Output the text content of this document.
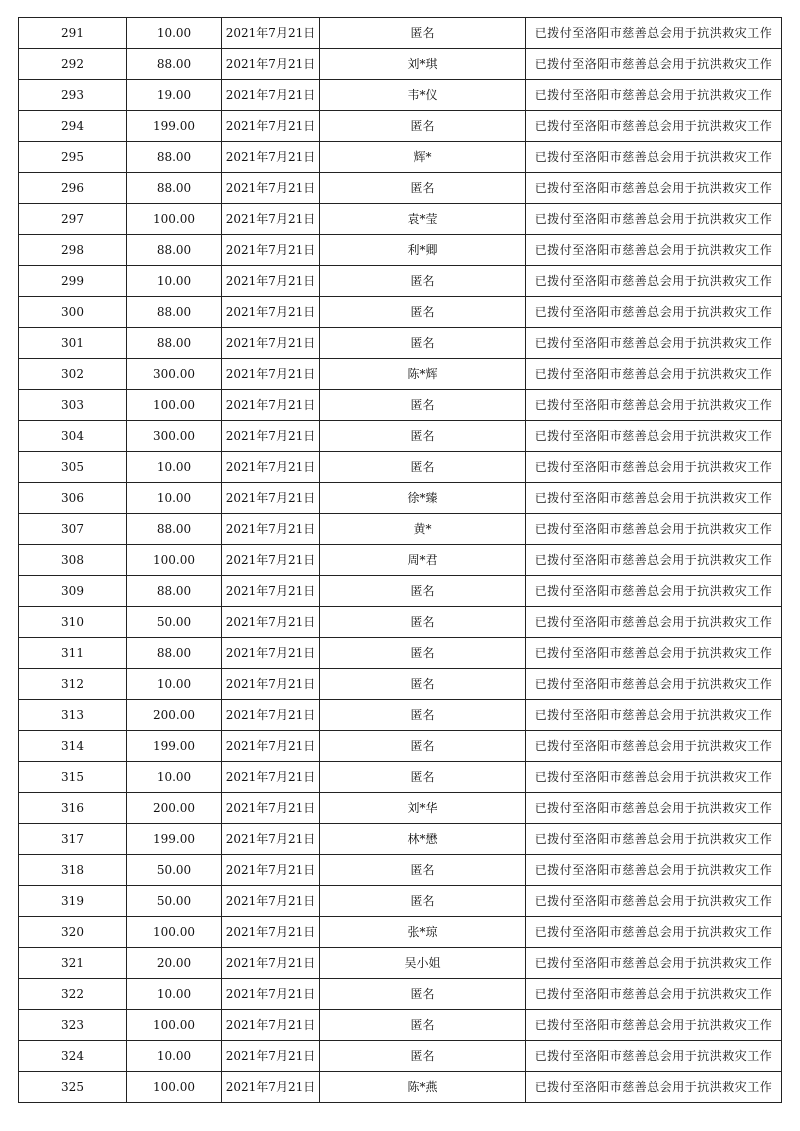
291	10.00	2021年7月21日	匿名	已拨付至洛阳市慈善总会用于抗洪救灾工作
292	88.00	2021年7月21日	刘*琪	已拨付至洛阳市慈善总会用于抗洪救灾工作
293	19.00	2021年7月21日	韦*仪	已拨付至洛阳市慈善总会用于抗洪救灾工作
294	199.00	2021年7月21日	匿名	已拨付至洛阳市慈善总会用于抗洪救灾工作
295	88.00	2021年7月21日	辉*	已拨付至洛阳市慈善总会用于抗洪救灾工作
296	88.00	2021年7月21日	匿名	已拨付至洛阳市慈善总会用于抗洪救灾工作
297	100.00	2021年7月21日	袁*莹	已拨付至洛阳市慈善总会用于抗洪救灾工作
298	88.00	2021年7月21日	利*卿	已拨付至洛阳市慈善总会用于抗洪救灾工作
299	10.00	2021年7月21日	匿名	已拨付至洛阳市慈善总会用于抗洪救灾工作
300	88.00	2021年7月21日	匿名	已拨付至洛阳市慈善总会用于抗洪救灾工作
301	88.00	2021年7月21日	匿名	已拨付至洛阳市慈善总会用于抗洪救灾工作
302	300.00	2021年7月21日	陈*辉	已拨付至洛阳市慈善总会用于抗洪救灾工作
303	100.00	2021年7月21日	匿名	已拨付至洛阳市慈善总会用于抗洪救灾工作
304	300.00	2021年7月21日	匿名	已拨付至洛阳市慈善总会用于抗洪救灾工作
305	10.00	2021年7月21日	匿名	已拨付至洛阳市慈善总会用于抗洪救灾工作
306	10.00	2021年7月21日	徐*臻	已拨付至洛阳市慈善总会用于抗洪救灾工作
307	88.00	2021年7月21日	黄*	已拨付至洛阳市慈善总会用于抗洪救灾工作
308	100.00	2021年7月21日	周*君	已拨付至洛阳市慈善总会用于抗洪救灾工作
309	88.00	2021年7月21日	匿名	已拨付至洛阳市慈善总会用于抗洪救灾工作
310	50.00	2021年7月21日	匿名	已拨付至洛阳市慈善总会用于抗洪救灾工作
311	88.00	2021年7月21日	匿名	已拨付至洛阳市慈善总会用于抗洪救灾工作
312	10.00	2021年7月21日	匿名	已拨付至洛阳市慈善总会用于抗洪救灾工作
313	200.00	2021年7月21日	匿名	已拨付至洛阳市慈善总会用于抗洪救灾工作
314	199.00	2021年7月21日	匿名	已拨付至洛阳市慈善总会用于抗洪救灾工作
315	10.00	2021年7月21日	匿名	已拨付至洛阳市慈善总会用于抗洪救灾工作
316	200.00	2021年7月21日	刘*华	已拨付至洛阳市慈善总会用于抗洪救灾工作
317	199.00	2021年7月21日	林*懋	已拨付至洛阳市慈善总会用于抗洪救灾工作
318	50.00	2021年7月21日	匿名	已拨付至洛阳市慈善总会用于抗洪救灾工作
319	50.00	2021年7月21日	匿名	已拨付至洛阳市慈善总会用于抗洪救灾工作
320	100.00	2021年7月21日	张*琼	已拨付至洛阳市慈善总会用于抗洪救灾工作
321	20.00	2021年7月21日	吴小姐	已拨付至洛阳市慈善总会用于抗洪救灾工作
322	10.00	2021年7月21日	匿名	已拨付至洛阳市慈善总会用于抗洪救灾工作
323	100.00	2021年7月21日	匿名	已拨付至洛阳市慈善总会用于抗洪救灾工作
324	10.00	2021年7月21日	匿名	已拨付至洛阳市慈善总会用于抗洪救灾工作
325	100.00	2021年7月21日	陈*燕	已拨付至洛阳市慈善总会用于抗洪救灾工作
